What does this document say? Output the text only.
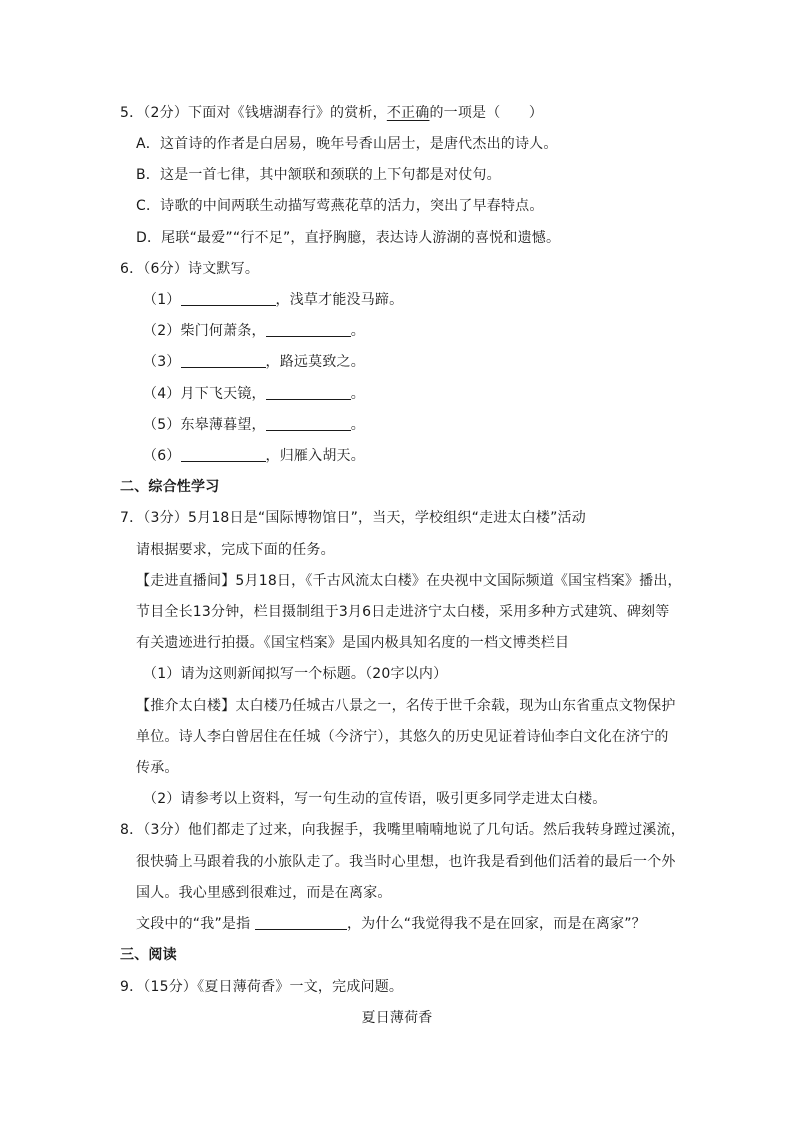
5．（2分）下面对《钱塘湖春行》的赏析，不正确的一项是（　　）
A．这首诗的作者是白居易，晚年号香山居士，是唐代杰出的诗人。
B．这是一首七律，其中颔联和颈联的上下句都是对仗句。
C．诗歌的中间两联生动描写莺燕花草的活力，突出了早春特点。
D．尾联“最爱”“行不足”，直抒胸臆，表达诗人游湖的喜悦和遗憾。
6．（6分）诗文默写。
（1）	，浅草才能没马蹄。
（2）柴门何萧条，	。
（3）	，路远莫致之。
（4）月下飞天镜，	。
（5）东皋薄暮望，	。
（6）	，归雁入胡天。
二、综合性学习
7．（3分）5月18日是“国际博物馆日”，当天，学校组织“走进太白楼”活动
请根据要求，完成下面的任务。
【走进直播间】5月18日，《千古风流太白楼》在央视中文国际频道《国宝档案》播出，
节目全长13分钟，栏目摄制组于3月6日走进济宁太白楼，采用多种方式建筑、碑刻等
有关遗迹进行拍摄。《国宝档案》是国内极具知名度的一档文博类栏目
（1）请为这则新闻拟写一个标题。（20字以内）
【推介太白楼】太白楼乃任城古八景之一，名传于世千余载，现为山东省重点文物保护
单位。诗人李白曾居住在任城（今济宁），其悠久的历史见证着诗仙李白文化在济宁的
传承。
（2）请参考以上资料，写一句生动的宣传语，吸引更多同学走进太白楼。
8．（3分）他们都走了过来，向我握手，我嘴里喃喃地说了几句话。然后我转身蹚过溪流，
很快骑上马跟着我的小旅队走了。我当时心里想，也许我是看到他们活着的最后一个外
国人。我心里感到很难过，而是在离家。
文段中的“我”是指	，为什么“我觉得我不是在回家，而是在离家”？
三、阅读
9．（15分）《夏日薄荷香》一文，完成问题。
夏日薄荷香
